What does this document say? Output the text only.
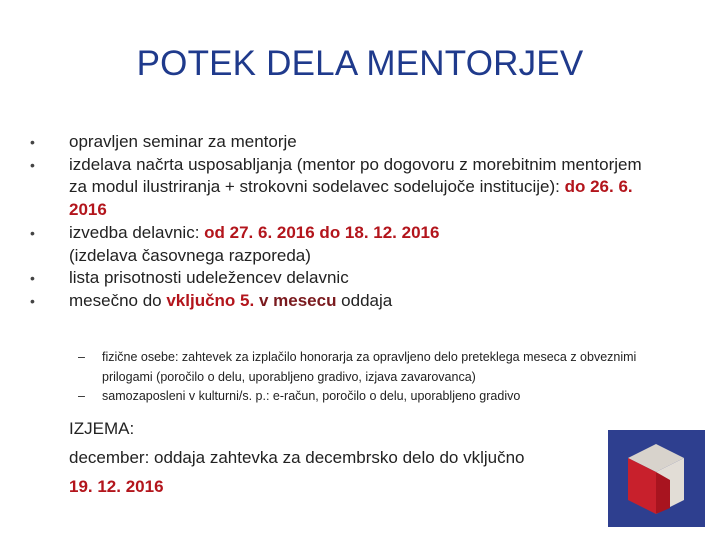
POTEK DELA MENTORJEV
• opravljen seminar za mentorje
• izdelava načrta usposabljanja (mentor po dogovoru z morebitnim mentorjem za modul ilustriranja + strokovni sodelavec sodelujoče institucije): do 26. 6. 2016
• izvedba delavnic: od 27. 6. 2016 do 18. 12. 2016
(izdelava časovnega razporeda)
• lista prisotnosti udeležencev delavnic
• mesečno do vključno 5. v mesecu oddaja
– fizične osebe: zahtevek za izplačilo honorarja za opravljeno delo preteklega meseca z obveznimi prilogami (poročilo o delu, uporabljeno gradivo, izjava zavarovanca)
– samozaposleni v kulturni/s. p.: e-račun, poročilo o delu, uporabljeno gradivo
IZJEMA:
december: oddaja zahtevka za decembrsko delo do vključno
19. 12. 2016
